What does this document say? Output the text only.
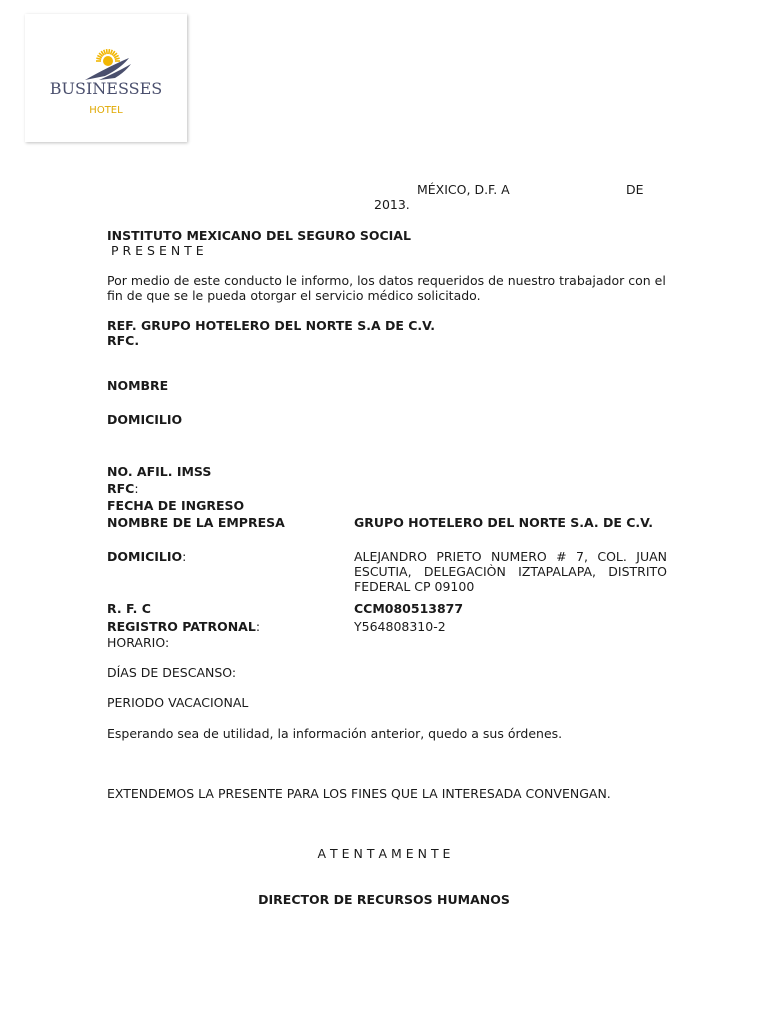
BUSINESSES
HOTEL
MÉXICO, D.F. A	DE
2013.
INSTITUTO MEXICANO DEL SEGURO SOCIAL
P R E S E N T E
Por medio de este conducto le informo, los datos requeridos de nuestro trabajador con el fin de que se le pueda otorgar el servicio médico solicitado.
REF. GRUPO HOTELERO DEL NORTE S.A DE C.V.
RFC.
NOMBRE
DOMICILIO
NO. AFIL. IMSS
RFC:
FECHA DE INGRESO
NOMBRE DE LA EMPRESA	GRUPO HOTELERO DEL NORTE S.A. DE C.V.
DOMICILIO:	ALEJANDRO PRIETO NUMERO # 7, COL. JUAN ESCUTIA, DELEGACIÒN IZTAPALAPA, DISTRITO FEDERAL CP 09100
R. F. C	CCM080513877
REGISTRO PATRONAL:	Y564808310-2
HORARIO:
DÍAS DE DESCANSO:
PERIODO VACACIONAL
Esperando sea de utilidad, la información anterior, quedo a sus órdenes.
EXTENDEMOS LA PRESENTE PARA LOS FINES QUE LA INTERESADA CONVENGAN.
A T E N T A M E N T E
DIRECTOR DE RECURSOS HUMANOS
